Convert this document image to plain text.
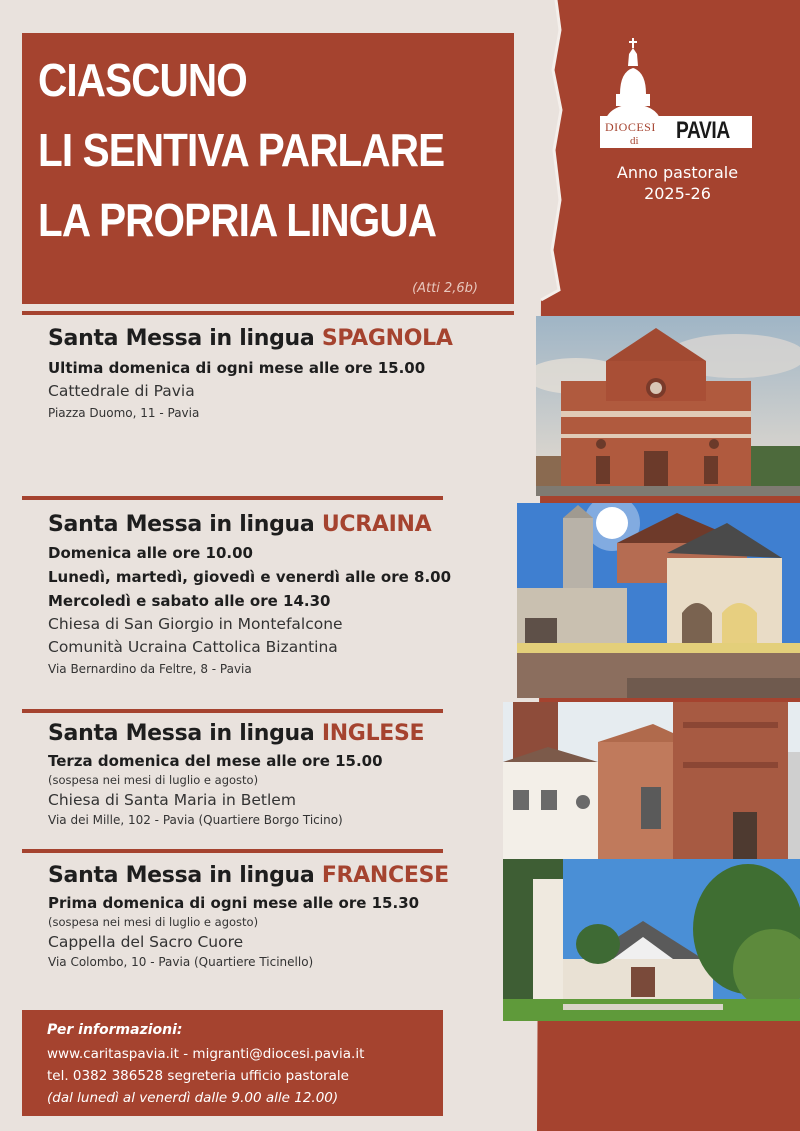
CIASCUNO
LI SENTIVA PARLARE
LA PROPRIA LINGUA
(Atti 2,6b)
DIOCESI
di PAVIA
Anno pastorale
2025-26
Santa Messa in lingua SPAGNOLA

Ultima domenica di ogni mese alle ore 15.00

Cattedrale di Pavia

Piazza Duomo, 11 - Pavia

Santa Messa in lingua UCRAINA

Domenica alle ore 10.00

Lunedì, martedì, giovedì e venerdì alle ore 8.00

Mercoledì e sabato alle ore 14.30

Chiesa di San Giorgio in Montefalcone

Comunità Ucraina Cattolica Bizantina

Via Bernardino da Feltre, 8 - Pavia

Santa Messa in lingua INGLESE

Terza domenica del mese alle ore 15.00

(sospesa nei mesi di luglio e agosto)

Chiesa di Santa Maria in Betlem

Via dei Mille, 102 - Pavia (Quartiere Borgo Ticino)

Santa Messa in lingua FRANCESE

Prima domenica di ogni mese alle ore 15.30

(sospesa nei mesi di luglio e agosto)

Cappella del Sacro Cuore

Via Colombo, 10 - Pavia (Quartiere Ticinello)

Per informazioni:

www.caritaspavia.it - migranti@diocesi.pavia.it

tel. 0382 386528 segreteria ufficio pastorale

(dal lunedì al venerdì dalle 9.00 alle 12.00)
